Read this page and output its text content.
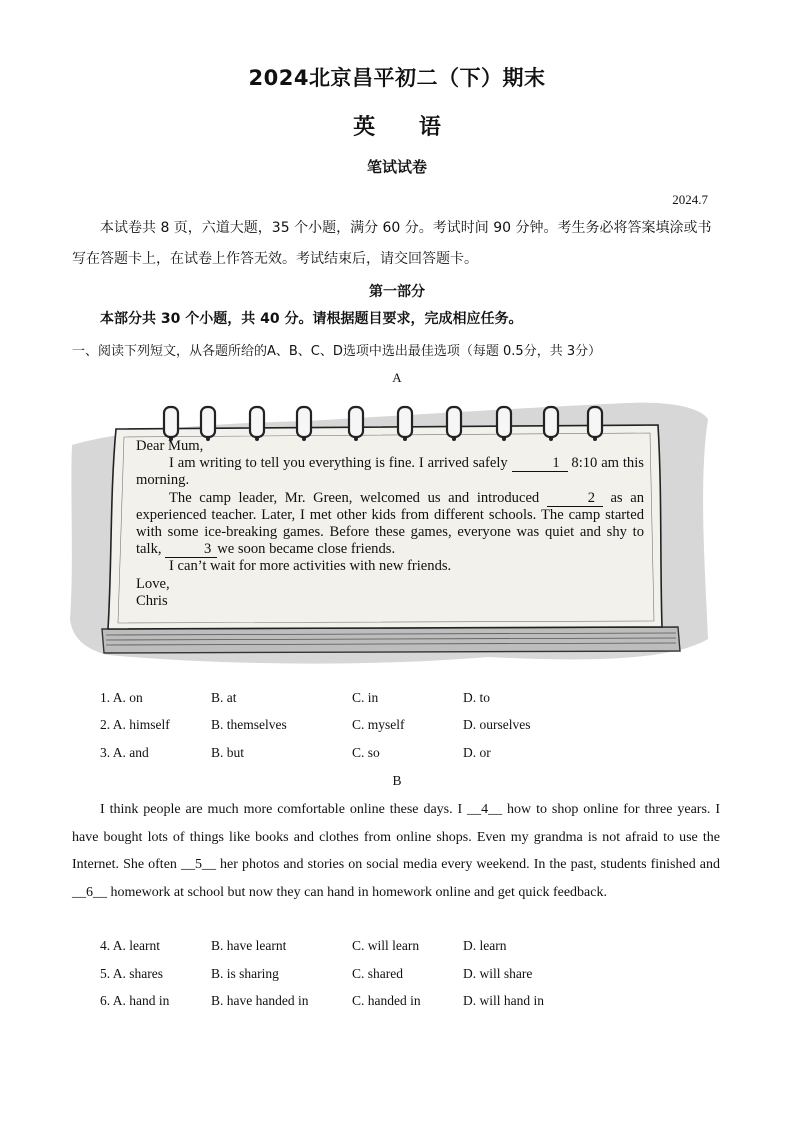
2024北京昌平初二（下）期末
英 语
笔试试卷
2024.7
本试卷共 8 页，六道大题，35 个小题，满分 60 分。考试时间 90 分钟。考生务必将答案填涂或书写在答题卡上，在试卷上作答无效。考试结束后，请交回答题卡。
第一部分
本部分共 30 个小题，共 40 分。请根据题目要求，完成相应任务。
一、阅读下列短文，从各题所给的A、B、C、D选项中选出最佳选项（每题 0.5分，共 3分）
A

Dear Mum,

I am writing to tell you everything is fine. I arrived safely	1 8:10 am this morning.

The camp leader, Mr. Green, welcomed us and introduced	2 as an experienced teacher. Later, I met other kids from different schools. The camp started with some ice-breaking games. Before these games, everyone was quiet and shy to talk,	3 we soon became close friends.

I can’t wait for more activities with new friends.

Love,

Chris

1. A. on	B. at	C. in	D. to
2. A. himself	B. themselves	C. myself	D. ourselves
3. A. and	B. but	C. so	D. or
B
I think people are much more comfortable online these days. I __4__ how to shop online for three years. I have bought lots of things like books and clothes from online shops. Even my grandma is not afraid to use the Internet. She often __5__ her photos and stories on social media every weekend. In the past, students finished and __6__ homework at school but now they can hand in homework online and get quick feedback.
4. A. learnt	B. have learnt	C. will learn	D. learn
5. A. shares	B. is sharing	C. shared	D. will share
6. A. hand in	B. have handed in	C. handed in	D. will hand in
